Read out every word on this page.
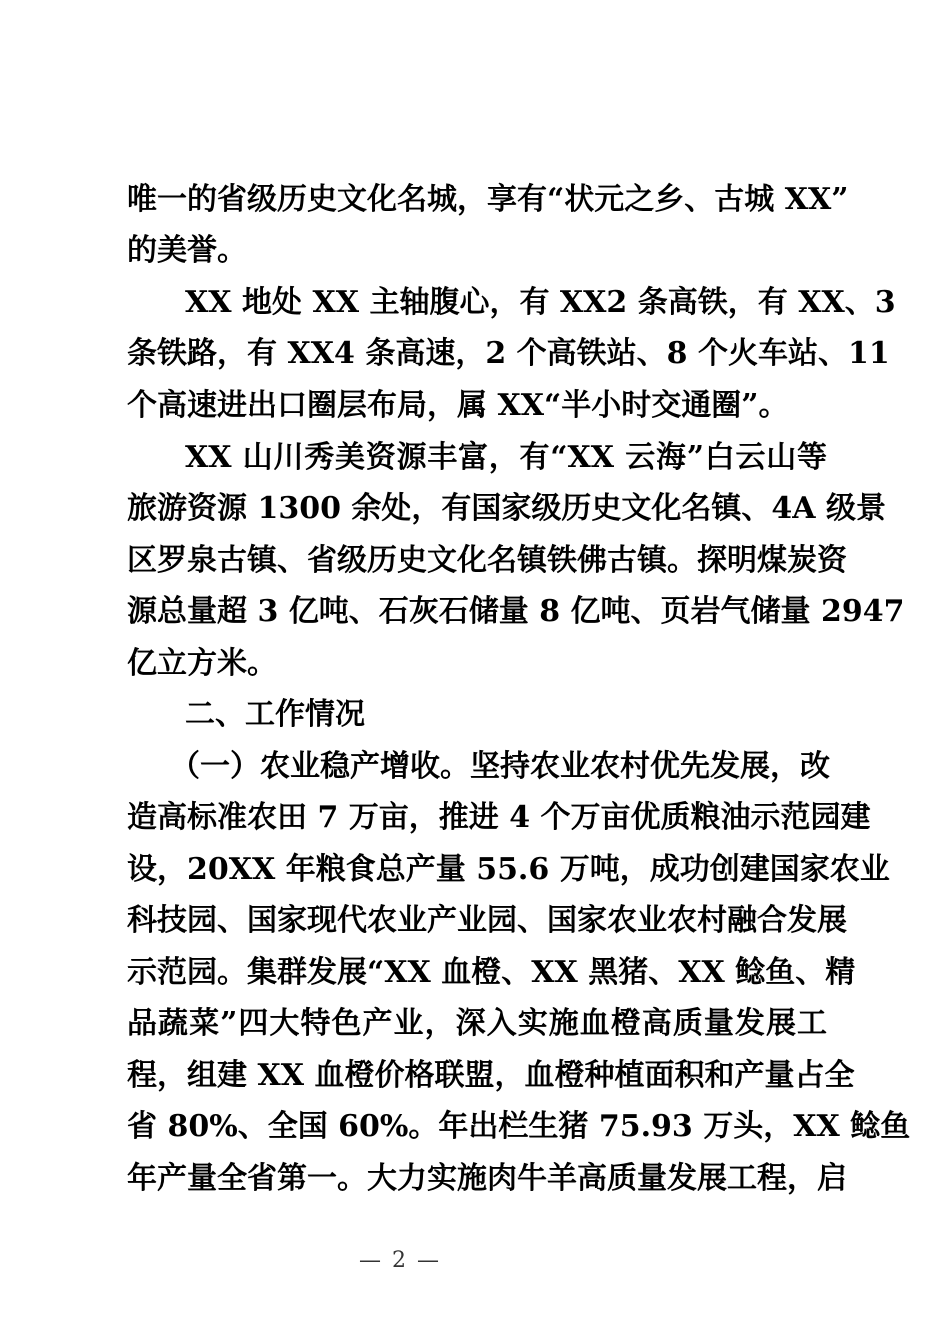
唯一的省级历史文化名城，享有“状元之乡、古城 XX”
的美誉。
XX 地处 XX 主轴腹心，有 XX2 条高铁，有 XX、3
条铁路，有 XX4 条高速，2 个高铁站、8 个火车站、11
个高速进出口圈层布局，属 XX“半小时交通圈”。
XX 山川秀美资源丰富，有“XX 云海”白云山等
旅游资源 1300 余处，有国家级历史文化名镇、4A 级景
区罗泉古镇、省级历史文化名镇铁佛古镇。探明煤炭资
源总量超 3 亿吨、石灰石储量 8 亿吨、页岩气储量 2947
亿立方米。
二、工作情况
（一）农业稳产增收。坚持农业农村优先发展，改
造高标准农田 7 万亩，推进 4 个万亩优质粮油示范园建
设，20XX 年粮食总产量 55.6 万吨，成功创建国家农业
科技园、国家现代农业产业园、国家农业农村融合发展
示范园。集群发展“XX 血橙、XX 黑猪、XX 鲶鱼、精
品蔬菜”四大特色产业，深入实施血橙高质量发展工
程，组建 XX 血橙价格联盟，血橙种植面积和产量占全
省 80%、全国 60%。年出栏生猪 75.93 万头，XX 鲶鱼
年产量全省第一。大力实施肉牛羊高质量发展工程，启
— 2 —
